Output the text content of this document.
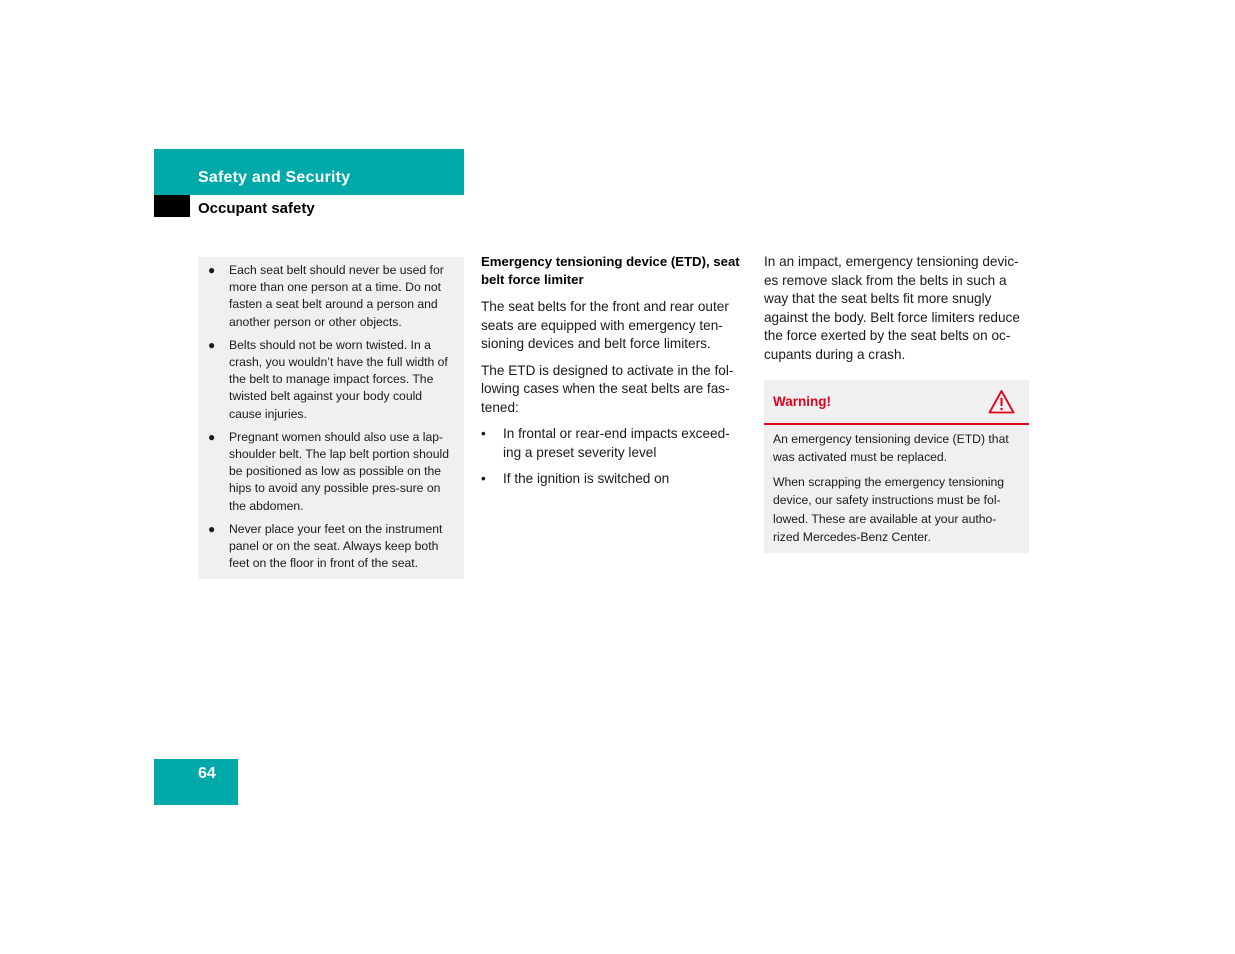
Safety and Security
Occupant safety
● Each seat belt should never be used for more than one person at a time. Do not fasten a seat belt around a person and another person or other objects.
● Belts should not be worn twisted. In a crash, you wouldn’t have the full width of the belt to manage impact forces. The twisted belt against your body could cause injuries.
● Pregnant women should also use a lap-shoulder belt. The lap belt portion should be positioned as low as possible on the hips to avoid any possible pres-sure on the abdomen.
● Never place your feet on the instrument panel or on the seat. Always keep both feet on the floor in front of the seat.
Emergency tensioning device (ETD), seat belt force limiter

The seat belts for the front and rear outer seats are equipped with emergency ten-sioning devices and belt force limiters.

The ETD is designed to activate in the fol-lowing cases when the seat belts are fas-tened:

• In frontal or rear-end impacts exceed-ing a preset severity level
• If the ignition is switched on

In an impact, emergency tensioning devic-es remove slack from the belts in such a way that the seat belts fit more snugly against the body. Belt force limiters reduce the force exerted by the seat belts on oc-cupants during a crash.

Warning!

An emergency tensioning device (ETD) that was activated must be replaced.

When scrapping the emergency tensioning device, our safety instructions must be fol-lowed. These are available at your autho-rized Mercedes-Benz Center.

64
